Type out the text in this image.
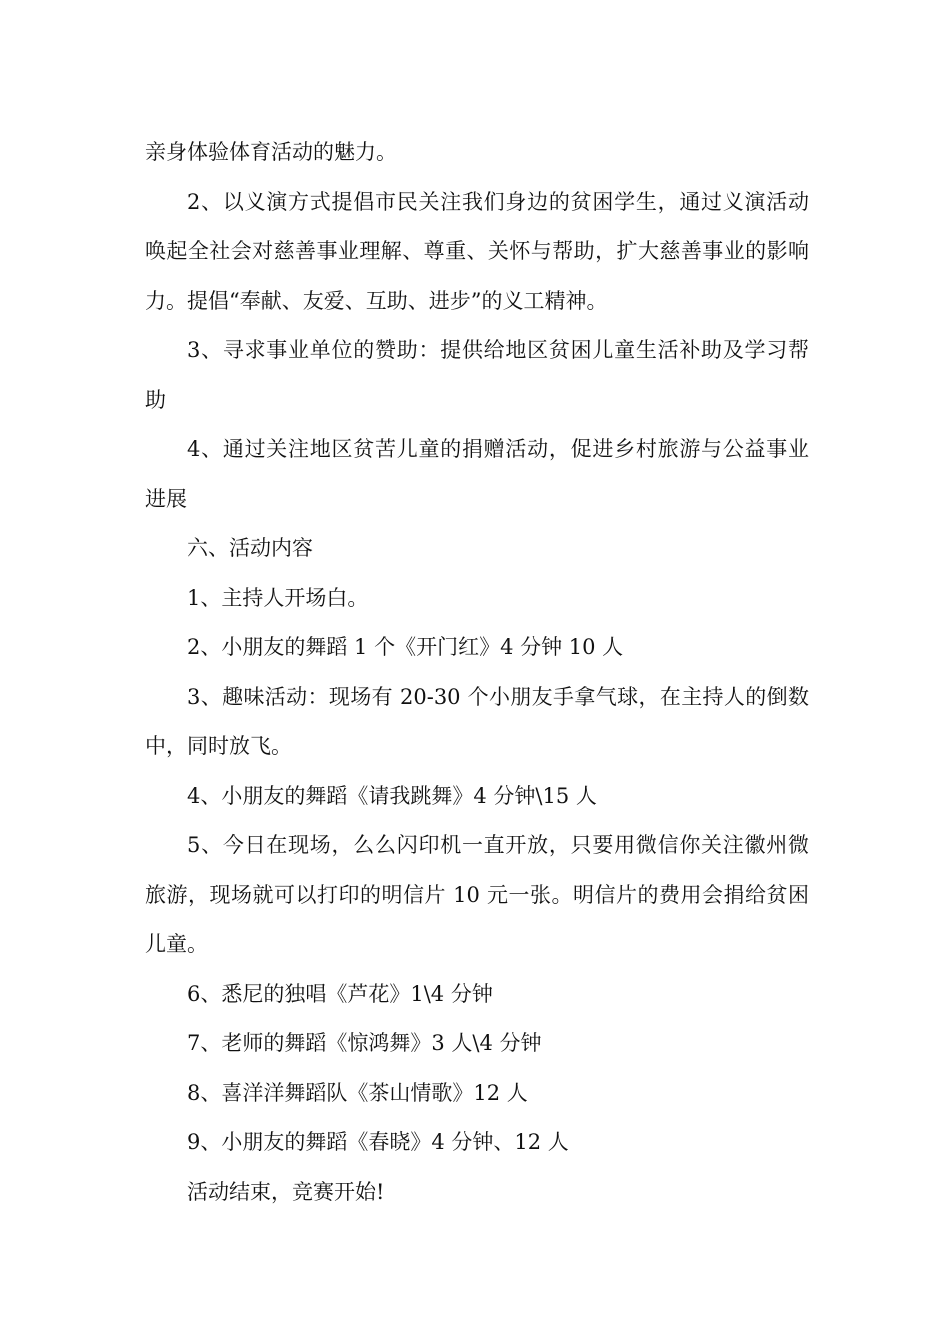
亲身体验体育活动的魅力。

2、以义演方式提倡市民关注我们身边的贫困学生，通过义演活动唤起全社会对慈善事业理解、尊重、关怀与帮助，扩大慈善事业的影响力。提倡“奉献、友爱、互助、进步”的义工精神。

3、寻求事业单位的赞助：提供给地区贫困儿童生活补助及学习帮助

4、通过关注地区贫苦儿童的捐赠活动，促进乡村旅游与公益事业进展

六、活动内容

1、主持人开场白。

2、小朋友的舞蹈 1 个《开门红》4 分钟 10 人

3、趣味活动：现场有 20-30 个小朋友手拿气球，在主持人的倒数中，同时放飞。

4、小朋友的舞蹈《请我跳舞》4 分钟\15 人

5、今日在现场，么么闪印机一直开放，只要用微信你关注徽州微旅游，现场就可以打印的明信片 10 元一张。明信片的费用会捐给贫困儿童。

6、悉尼的独唱《芦花》1\4 分钟

7、老师的舞蹈《惊鸿舞》3 人\4 分钟

8、喜洋洋舞蹈队《茶山情歌》12 人

9、小朋友的舞蹈《春晓》4 分钟、12 人

活动结束，竞赛开始!
